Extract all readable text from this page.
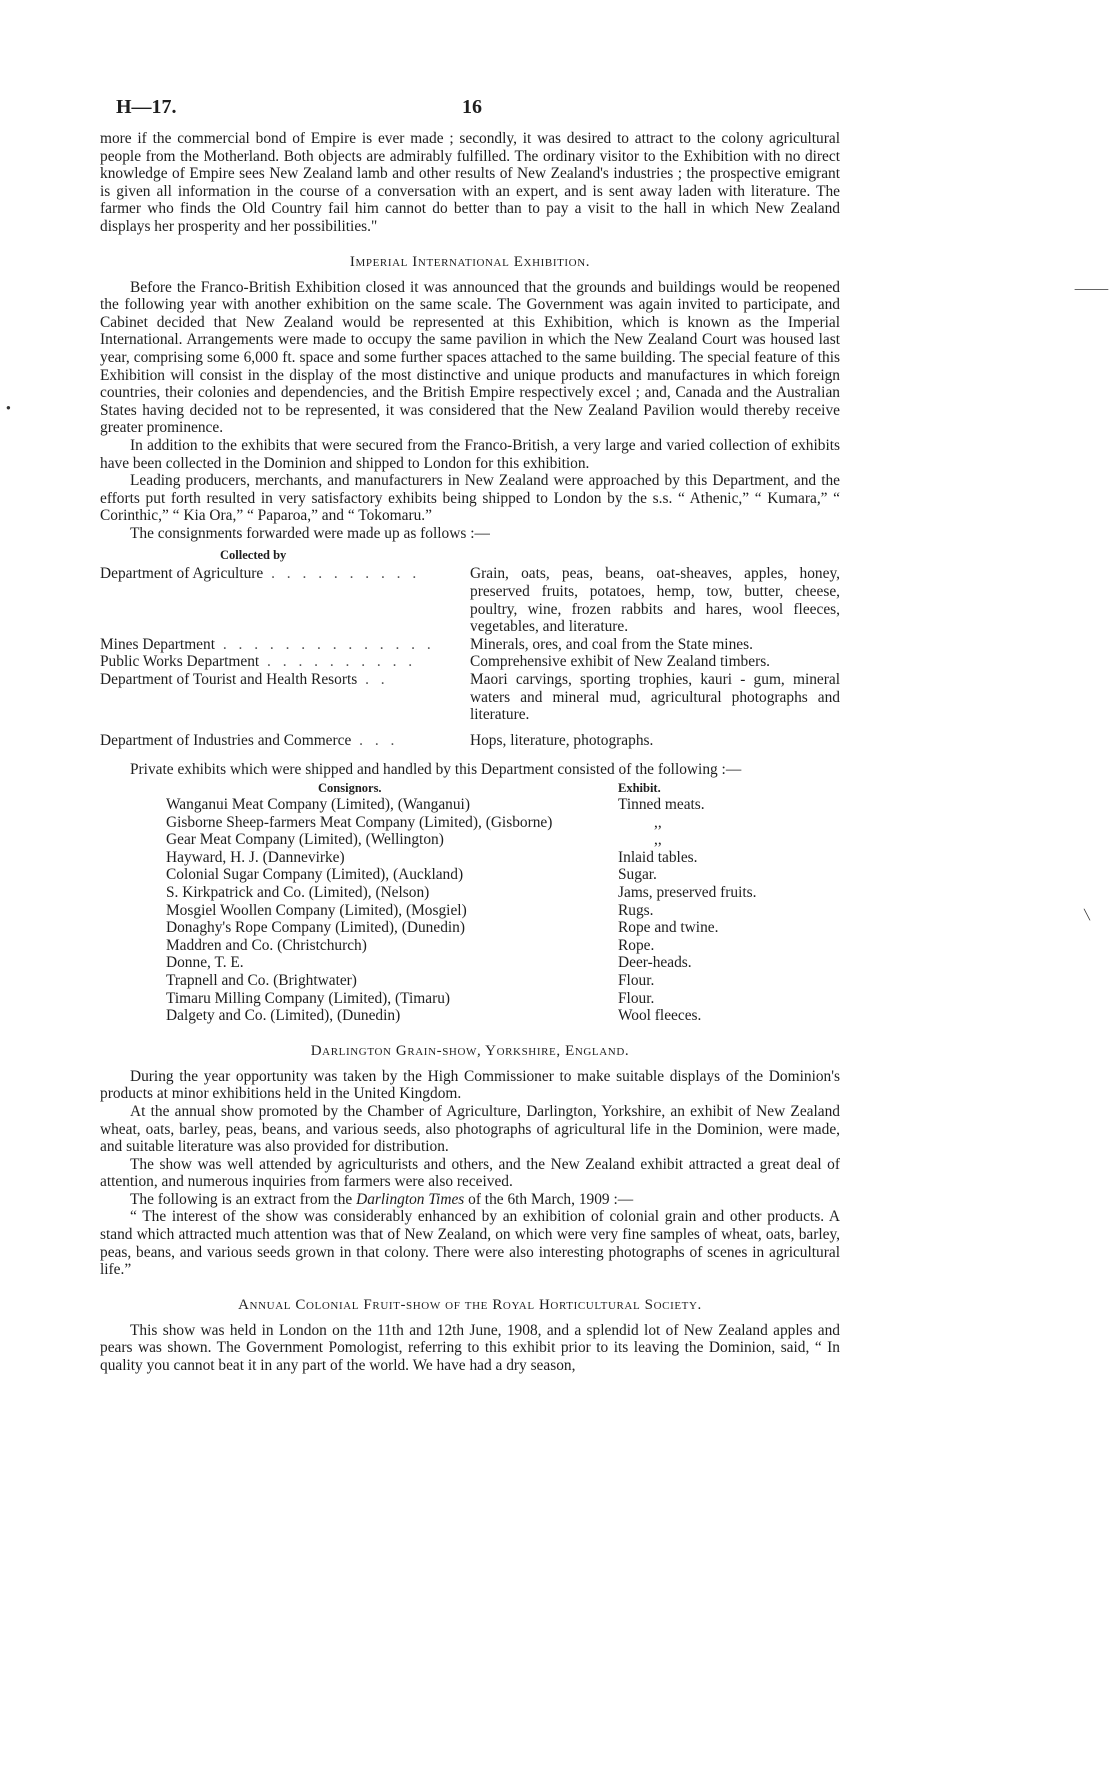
H—17.	16

more if the commercial bond of Empire is ever made ; secondly, it was desired to attract to the colony agricultural people from the Motherland. Both objects are admirably fulfilled. The ordinary visitor to the Exhibition with no direct knowledge of Empire sees New Zealand lamb and other results of New Zealand's industries ; the prospective emigrant is given all information in the course of a conversation with an expert, and is sent away laden with literature. The farmer who finds the Old Country fail him cannot do better than to pay a visit to the hall in which New Zealand displays her prosperity and her possibilities."

Imperial International Exhibition.

Before the Franco-British Exhibition closed it was announced that the grounds and buildings would be reopened the following year with another exhibition on the same scale. The Government was again invited to participate, and Cabinet decided that New Zealand would be represented at this Exhibition, which is known as the Imperial International. Arrangements were made to occupy the same pavilion in which the New Zealand Court was housed last year, comprising some 6,000 ft. space and some further spaces attached to the same building. The special feature of this Exhibition will consist in the display of the most distinctive and unique products and manufactures in which foreign countries, their colonies and dependencies, and the British Empire respectively excel ; and, Canada and the Australian States having decided not to be represented, it was considered that the New Zealand Pavilion would thereby receive greater prominence.

In addition to the exhibits that were secured from the Franco-British, a very large and varied collection of exhibits have been collected in the Dominion and shipped to London for this exhibition.

Leading producers, merchants, and manufacturers in New Zealand were approached by this Department, and the efforts put forth resulted in very satisfactory exhibits being shipped to London by the s.s. “ Athenic,” “ Kumara,” “ Corinthic,” “ Kia Ora,” “ Paparoa,” and “ Tokomaru.”

The consignments forwarded were made up as follows :—

Collected by
Department of Agriculture . . . . . . . . . .	Grain, oats, peas, beans, oat-sheaves, apples, honey, preserved fruits, potatoes, hemp, tow, butter, cheese, poultry, wine, frozen rabbits and hares, wool fleeces, vegetables, and literature.
Mines Department . . . . . . . . . . . . . .	Minerals, ores, and coal from the State mines.
Public Works Department . . . . . . . . . .	Comprehensive exhibit of New Zealand timbers.
Department of Tourist and Health Resorts . .	Maori carvings, sporting trophies, kauri - gum, mineral waters and mineral mud, agricultural photographs and literature.
Department of Industries and Commerce . . .	Hops, literature, photographs.

Private exhibits which were shipped and handled by this Department consisted of the following :—

Consignors.	Exhibit.
Wanganui Meat Company (Limited), (Wanganui)	Tinned meats.
Gisborne Sheep-farmers Meat Company (Limited), (Gisborne)	,,
Gear Meat Company (Limited), (Wellington)	,,
Hayward, H. J. (Dannevirke)	Inlaid tables.
Colonial Sugar Company (Limited), (Auckland)	Sugar.
S. Kirkpatrick and Co. (Limited), (Nelson)	Jams, preserved fruits.
Mosgiel Woollen Company (Limited), (Mosgiel)	Rugs.
Donaghy's Rope Company (Limited), (Dunedin)	Rope and twine.
Maddren and Co. (Christchurch)	Rope.
Donne, T. E.	Deer-heads.
Trapnell and Co. (Brightwater)	Flour.
Timaru Milling Company (Limited), (Timaru)	Flour.
Dalgety and Co. (Limited), (Dunedin)	Wool fleeces.
Darlington Grain-show, Yorkshire, England.

During the year opportunity was taken by the High Commissioner to make suitable displays of the Dominion's products at minor exhibitions held in the United Kingdom.

At the annual show promoted by the Chamber of Agriculture, Darlington, Yorkshire, an exhibit of New Zealand wheat, oats, barley, peas, beans, and various seeds, also photographs of agricultural life in the Dominion, were made, and suitable literature was also provided for distribution.

The show was well attended by agriculturists and others, and the New Zealand exhibit attracted a great deal of attention, and numerous inquiries from farmers were also received.

The following is an extract from the Darlington Times of the 6th March, 1909 :—

“ The interest of the show was considerably enhanced by an exhibition of colonial grain and other products. A stand which attracted much attention was that of New Zealand, on which were very fine samples of wheat, oats, barley, peas, beans, and various seeds grown in that colony. There were also interesting photographs of scenes in agricultural life.”

Annual Colonial Fruit-show of the Royal Horticultural Society.

This show was held in London on the 11th and 12th June, 1908, and a splendid lot of New Zealand apples and pears was shown. The Government Pomologist, referring to this exhibit prior to its leaving the Dominion, said, “ In quality you cannot beat it in any part of the world. We have had a dry season,

⸻
●
╲
